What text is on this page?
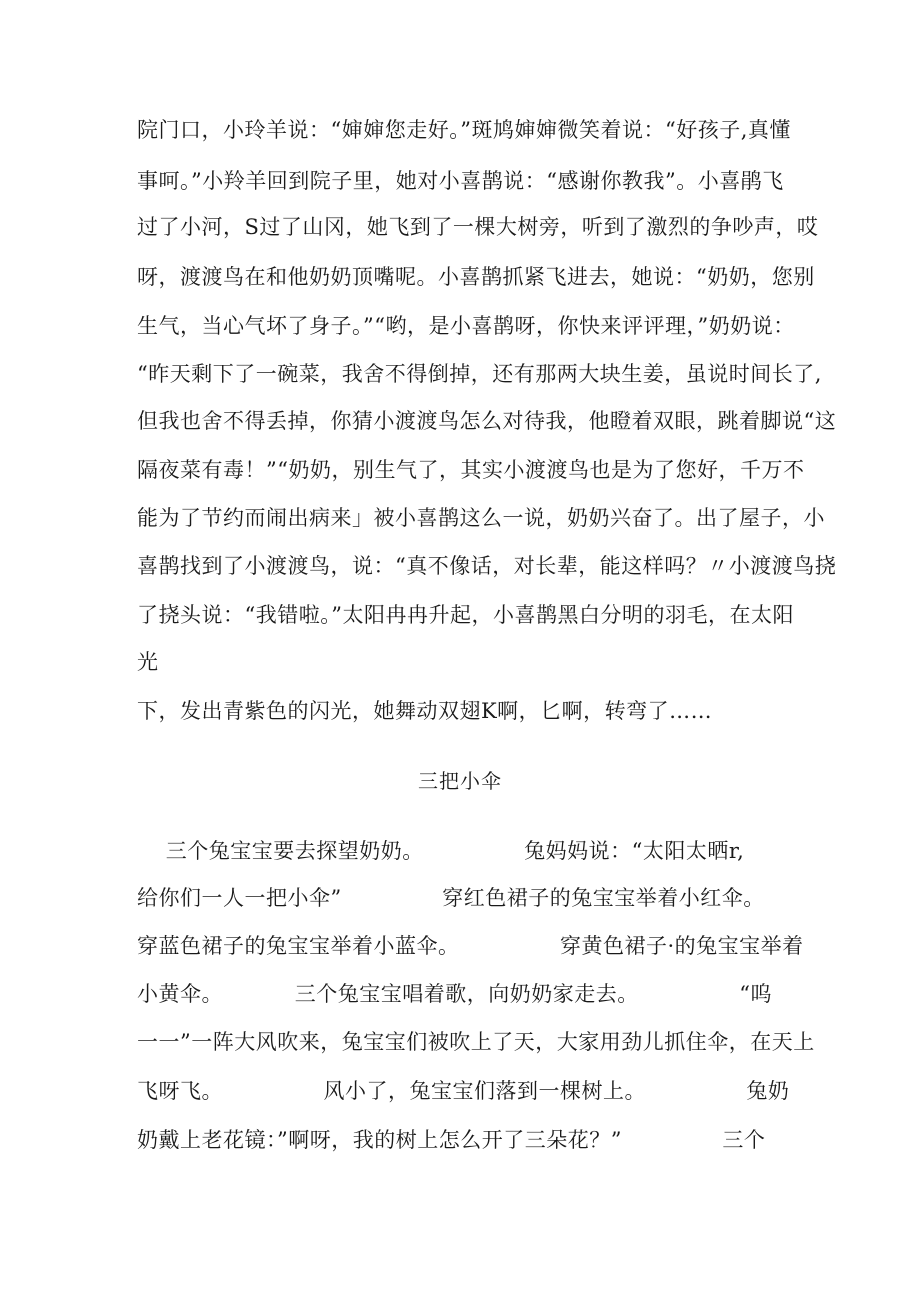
院门口，小玲羊说：“婶婶您走好。”斑鸠婶婶微笑着说：“好孩子,真懂
事呵。”小羚羊回到院子里，她对小喜鹊说：“感谢你教我”。小喜鹃飞
过了小河，S过了山冈，她飞到了一棵大树旁，听到了激烈的争吵声，哎
呀，渡渡鸟在和他奶奶顶嘴呢。小喜鹊抓紧飞进去，她说：“奶奶，您别
生气，当心气坏了身子。”“哟，是小喜鹊呀，你快来评评理，”奶奶说：
“昨天剩下了一碗菜，我舍不得倒掉，还有那两大块生姜，虽说时间长了,
但我也舍不得丢掉，你猜小渡渡鸟怎么对待我，他瞪着双眼，跳着脚说“这
隔夜菜有毒！”“奶奶，别生气了，其实小渡渡鸟也是为了您好，千万不
能为了节约而闹出病来」被小喜鹊这么一说，奶奶兴奋了。出了屋子，小
喜鹊找到了小渡渡鸟，说：“真不像话，对长辈，能这样吗？〃小渡渡鸟挠
了挠头说：“我错啦。”太阳冉冉升起，小喜鹊黑白分明的羽毛，在太阳
光
下，发出青紫色的闪光，她舞动双翅K啊，匕啊，转弯了……
三把小伞
三个兔宝宝要去探望奶奶。              兔妈妈说：“太阳太晒r,
给你们一人一把小伞”              穿红色裙子的兔宝宝举着小红伞。
穿蓝色裙子的兔宝宝举着小蓝伞。              穿黄色裙子·的兔宝宝举着
小黄伞。          三个兔宝宝唱着歌，向奶奶家走去。              “呜
一一”一阵大风吹来，兔宝宝们被吹上了天，大家用劲儿抓住伞，在天上
飞呀飞。              风小了，兔宝宝们落到一棵树上。              兔奶
奶戴上老花镜：”啊呀，我的树上怎么开了三朵花？”              三个
